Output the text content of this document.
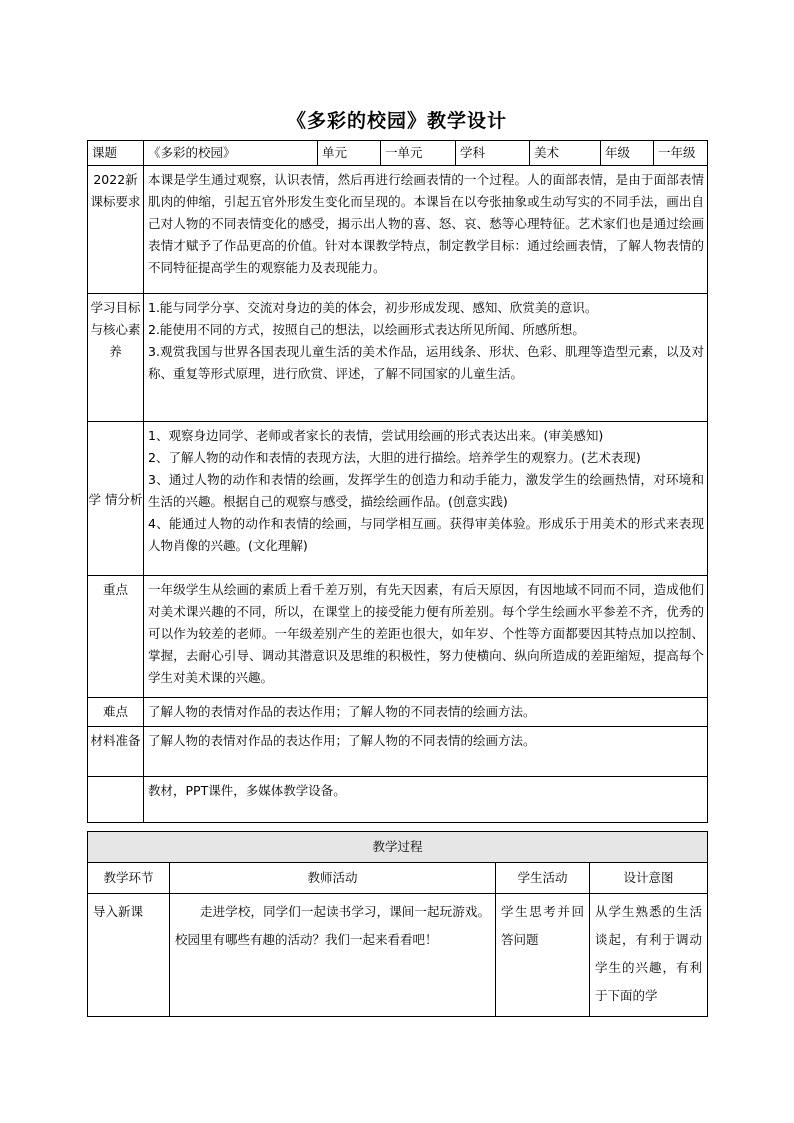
《多彩的校园》教学设计
课题	《多彩的校园》	单元	一单元	学科	美术	年级	一年级
2022新课标要求	本课是学生通过观察，认识表情，然后再进行绘画表情的一个过程。人的面部表情，是由于面部表情肌肉的伸缩，引起五官外形发生变化而呈现的。本课旨在以夸张抽象或生动写实的不同手法，画出自己对人物的不同表情变化的感受，揭示出人物的喜、怒、哀、愁等心理特征。艺术家们也是通过绘画表情才赋予了作品更高的价值。针对本课教学特点，制定教学目标：通过绘画表情，了解人物表情的不同特征提高学生的观察能力及表现能力。						
学习目标与核心素养	1.能与同学分享、交流对身边的美的体会，初步形成发现、感知、欣赏美的意识。
2.能使用不同的方式，按照自己的想法，以绘画形式表达所见所闻、所感所想。
3.观赏我国与世界各国表现儿童生活的美术作品，运用线条、形状、色彩、肌理等造型元素，以及对称、重复等形式原理，进行欣赏、评述，了解不同国家的儿童生活。						

学 情分析	1、观察身边同学、老师或者家长的表情，尝试用绘画的形式表达出来。(审美感知)
2、了解人物的动作和表情的表现方法，大胆的进行描绘。培养学生的观察力。(艺术表现)
3、通过人物的动作和表情的绘画，发挥学生的创造力和动手能力，激发学生的绘画热情，对环境和生活的兴趣。根据自己的观察与感受，描绘绘画作品。(创意实践)
4、能通过人物的动作和表情的绘画，与同学相互画。获得审美体验。形成乐于用美术的形式来表现人物肖像的兴趣。(文化理解)						

重点	一年级学生从绘画的素质上看千差万别，有先天因素，有后天原因，有因地域不同而不同，造成他们对美术课兴趣的不同，所以，在课堂上的接受能力便有所差别。每个学生绘画水平参差不齐，优秀的可以作为较差的老师。一年级差别产生的差距也很大，如年岁、个性等方面都要因其特点加以控制、掌握，去耐心引导、调动其潜意识及思维的积极性，努力使横向、纵向所造成的差距缩短，提高每个学生对美术课的兴趣。						
难点	了解人物的表情对作品的表达作用；了解人物的不同表情的绘画方法。						
材料准备	了解人物的表情对作品的表达作用；了解人物的不同表情的绘画方法。						
	教材，PPT课件，多媒体教学设备。						
教学过程			
教学环节	教师活动	学生活动	设计意图
导入新课	走进学校，同学们一起读书学习，课间一起玩游戏。校园里有哪些有趣的活动？我们一起来看看吧！	学生思考并回答问题	从学生熟悉的生活谈起，有利于调动学生的兴趣，有利于下面的学
